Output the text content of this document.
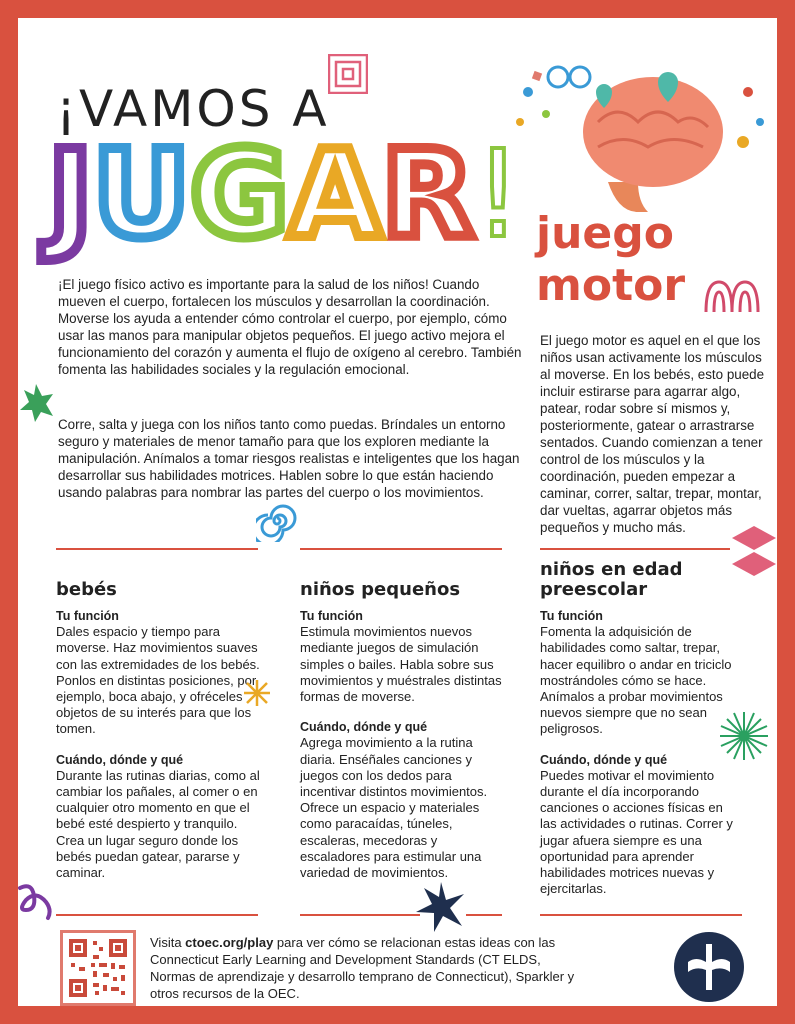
¡VAMOS A
JUGAR!
¡El juego físico activo es importante para la salud de los niños! Cuando mueven el cuerpo, fortalecen los músculos y desarrollan la coordinación. Moverse los ayuda a entender cómo controlar el cuerpo, por ejemplo, cómo usar las manos para manipular objetos pequeños. El juego activo mejora el funcionamiento del corazón y aumenta el flujo de oxígeno al cerebro. También fomenta las habilidades sociales y la regulación emocional.
Corre, salta y juega con los niños tanto como puedas. Bríndales un entorno seguro y materiales de menor tamaño para que los exploren mediante la manipulación. Anímalos a tomar riesgos realistas e inteligentes que los hagan desarrollar sus habilidades motrices. Hablen sobre lo que están haciendo usando palabras para nombrar las partes del cuerpo o los movimientos.
juego
motor
El juego motor es aquel en el que los niños usan activamente los músculos al moverse. En los bebés, esto puede incluir estirarse para agarrar algo, patear, rodar sobre sí mismos y, posteriormente, gatear o arrastrarse sentados. Cuando comienzan a tener control de los músculos y la coordinación, pueden empezar a caminar, correr, saltar, trepar, montar, dar vueltas, agarrar objetos más pequeños y mucho más.
bebés
Tu función

Dales espacio y tiempo para moverse. Haz movimientos suaves con las extremidades de los bebés. Ponlos en distintas posiciones, por ejemplo, boca abajo, y ofréceles objetos de su interés para que los tomen.

Cuándo, dónde y qué

Durante las rutinas diarias, como al cambiar los pañales, al comer o en cualquier otro momento en que el bebé esté despierto y tranquilo. Crea un lugar seguro donde los bebés puedan gatear, pararse y caminar.

niños pequeños
Tu función

Estimula movimientos nuevos mediante juegos de simulación simples o bailes. Habla sobre sus movimientos y muéstrales distintas formas de moverse.

Cuándo, dónde y qué

Agrega movimiento a la rutina diaria. Enséñales canciones y juegos con los dedos para incentivar distintos movimientos. Ofrece un espacio y materiales como paracaídas, túneles, escaleras, mecedoras y escaladores para estimular una variedad de movimientos.

niños en edad preescolar
Tu función

Fomenta la adquisición de habilidades como saltar, trepar, hacer equilibro o andar en triciclo mostrándoles cómo se hace. Anímalos a probar movimientos nuevos siempre que no sean peligrosos.

Cuándo, dónde y qué

Puedes motivar el movimiento durante el día incorporando canciones o acciones físicas en las actividades o rutinas. Correr y jugar afuera siempre es una oportunidad para aprender habilidades motrices nuevas y ejercitarlas.

Visita ctoec.org/play para ver cómo se relacionan estas ideas con las Connecticut Early Learning and Development Standards (CT ELDS, Normas de aprendizaje y desarrollo temprano de Connecticut), Sparkler y otros recursos de la OEC.
